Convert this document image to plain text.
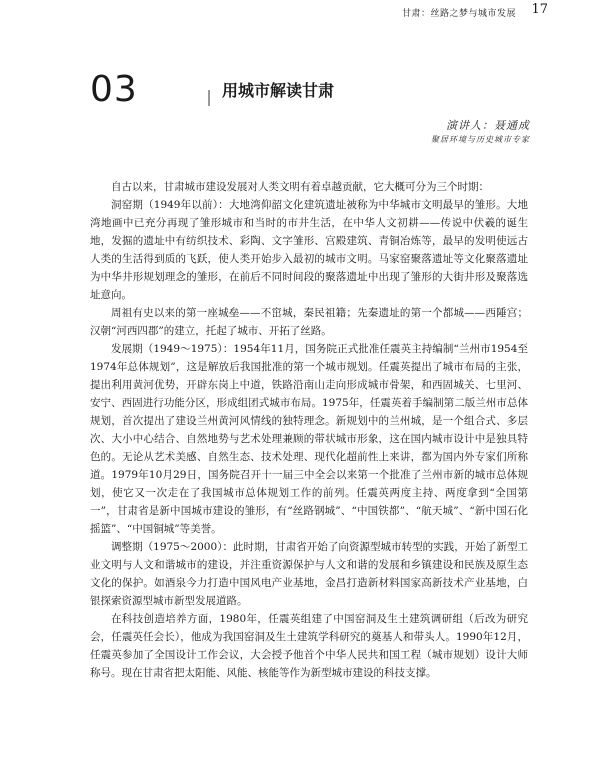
甘肃：丝路之梦与城市发展 17
03	用城市解读甘肃
演讲人：聂通成
聚居环境与历史城市专家

自古以来，甘肃城市建设发展对人类文明有着卓越贡献，它大概可分为三个时期：

洞窑期（1949年以前）：大地湾仰韶文化建筑遗址被称为中华城市文明最早的雏形。大地湾地画中已充分再现了雏形城市和当时的市井生活，在中华人文初耕——传说中伏羲的诞生地，发掘的遗址中有纺织技术、彩陶、文字雏形、宫殿建筑、青铜冶炼等，最早的发明使远古人类的生活得到质的飞跃，使人类开始步入最初的城市文明。马家窑聚落遗址等文化聚落遗址为中华井形规划理念的雏形，在前后不同时间段的聚落遗址中出现了雏形的大街井形及聚落选址意向。

周祖有史以来的第一座城垒——不窋城，秦民祖籍；先秦遗址的第一个都城——西陲宫；汉朝“河西四郡”的建立，托起了城市、开拓了丝路。

发展期（1949～1975）：1954年11月，国务院正式批准任震英主持编制“兰州市1954至1974年总体规划”，这是解放后我国批准的第一个城市规划。任震英提出了城市布局的主张，提出利用黄河优势，开辟东岗上中道，铁路沿南山走向形成城市骨架，和西固城关、七里河、安宁、西固进行功能分区，形成组团式城市布局。1975年，任震英着手编制第二版兰州市总体规划，首次提出了建设兰州黄河风情线的独特理念。新规划中的兰州城，是一个组合式、多层次、大小中心结合、自然地势与艺术处理兼顾的带状城市形象，这在国内城市设计中是独具特色的。无论从艺术美感、自然生态、技术处理、现代化超前性上来讲，都为国内外专家们所称道。1979年10月29日，国务院召开十一届三中全会以来第一个批准了兰州市新的城市总体规划，使它又一次走在了我国城市总体规划工作的前列。任震英两度主持、两度拿到“全国第一”，甘肃省是新中国城市建设的雏形，有“丝路钢城”、“中国铁都”、“航天城”、“新中国石化摇篮”、“中国铜城”等美誉。

调整期（1975～2000）：此时期，甘肃省开始了向资源型城市转型的实践，开始了新型工业文明与人文和谐城市的建设，并注重资源保护与人文和谐的发展和乡镇建设和民族及原生态文化的保护。如酒泉今力打造中国风电产业基地，金昌打造新材料国家高新技术产业基地，白银探索资源型城市新型发展道路。

在科技创造培养方面，1980年，任震英组建了中国窑洞及生土建筑调研组（后改为研究会，任震英任会长），他成为我国窑洞及生土建筑学科研究的奠基人和带头人。1990年12月，任震英参加了全国设计工作会议，大会授予他首个中华人民共和国工程（城市规划）设计大师称号。现在甘肃省把太阳能、风能、核能等作为新型城市建设的科技支撑。
